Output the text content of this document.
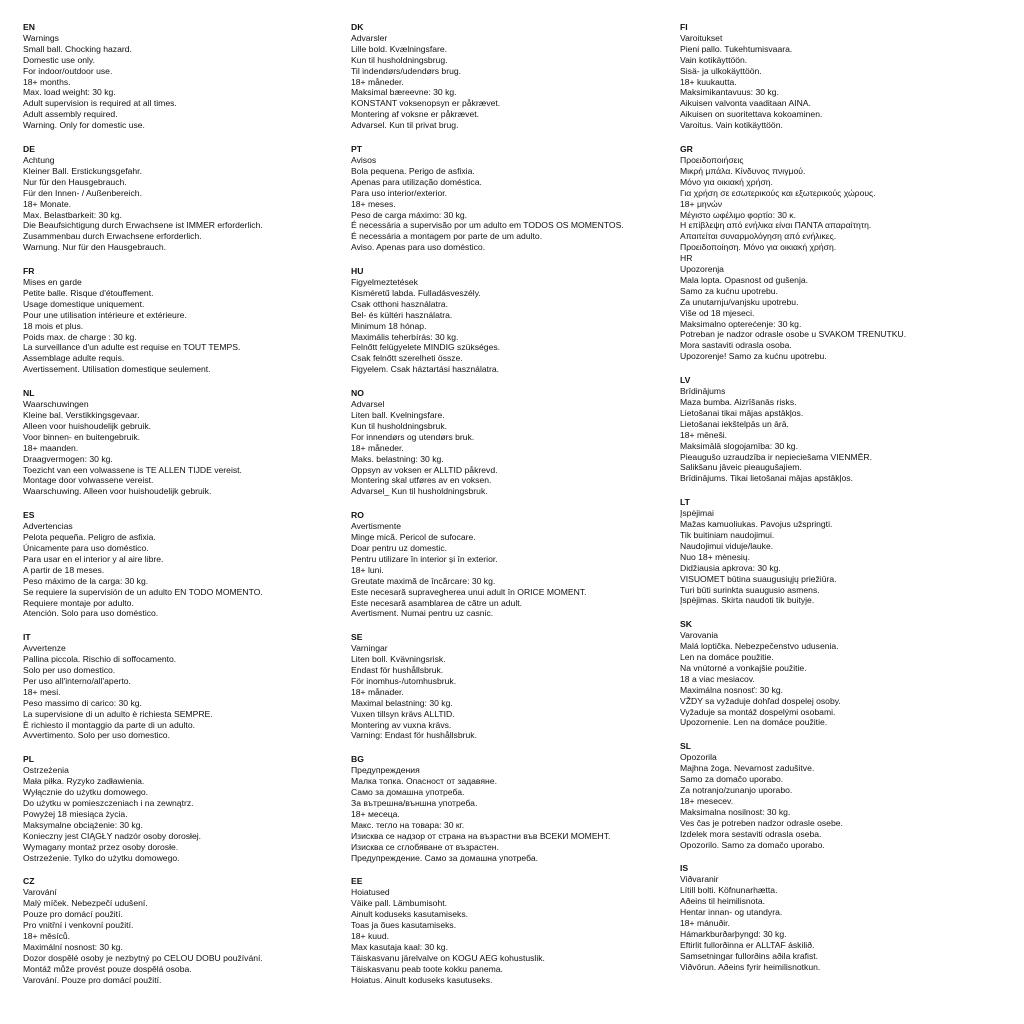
EN
Warnings
Small ball. Chocking hazard.
Domestic use only.
For indoor/outdoor use.
18+ months.
Max. load weight: 30 kg.
Adult supervision is required at all times.
Adult assembly required.
Warning. Only for domestic use.
DE
Achtung
Kleiner Ball. Erstickungsgefahr.
Nur für den Hausgebrauch.
Für den Innen- / Außenbereich.
18+ Monate.
Max. Belastbarkeit: 30 kg.
Die Beaufsichtigung durch Erwachsene ist IMMER erforderlich.
Zusammenbau durch Erwachsene erforderlich.
Warnung. Nur für den Hausgebrauch.
FR
Mises en garde
Petite balle. Risque d'étouffement.
Usage domestique uniquement.
Pour une utilisation intérieure et extérieure.
18 mois et plus.
Poids max. de charge : 30 kg.
La surveillance d'un adulte est requise en TOUT TEMPS.
Assemblage adulte requis.
Avertissement. Utilisation domestique seulement.
NL
Waarschuwingen
Kleine bal. Verstikkingsgevaar.
Alleen voor huishoudelijk gebruik.
Voor binnen- en buitengebruik.
18+ maanden.
Draagvermogen: 30 kg.
Toezicht van een volwassene is TE ALLEN TIJDE vereist.
Montage door volwassene vereist.
Waarschuwing. Alleen voor huishoudelijk gebruik.
ES
Advertencias
Pelota pequeña. Peligro de asfixia.
Únicamente para uso doméstico.
Para usar en el interior y al aire libre.
A partir de 18 meses.
Peso máximo de la carga: 30 kg.
Se requiere la supervisión de un adulto EN TODO MOMENTO.
Requiere montaje por adulto.
Atención. Solo para uso doméstico.
IT
Avvertenze
Pallina piccola. Rischio di soffocamento.
Solo per uso domestico.
Per uso all'interno/all'aperto.
18+ mesi.
Peso massimo di carico: 30 kg.
La supervisione di un adulto è richiesta SEMPRE.
È richiesto il montaggio da parte di un adulto.
Avvertimento. Solo per uso domestico.
PL
Ostrzeżenia
Mała piłka. Ryzyko zadławienia.
Wyłącznie do użytku domowego.
Do użytku w pomieszczeniach i na zewnątrz.
Powyżej 18 miesiąca życia.
Maksymalne obciążenie: 30 kg.
Konieczny jest CIĄGŁY nadzór osoby dorosłej.
Wymagany montaż przez osoby dorosłe.
Ostrzeżenie. Tylko do użytku domowego.
CZ
Varování
Malý míček. Nebezpečí udušení.
Pouze pro domácí použití.
Pro vnitřní i venkovní použití.
18+ měsíců.
Maximální nosnost: 30 kg.
Dozor dospělé osoby je nezbytný po CELOU DOBU používání.
Montáž může provést pouze dospělá osoba.
Varování. Pouze pro domácí použití.
DK
Advarsler
Lille bold. Kvælningsfare.
Kun til husholdningsbrug.
Til indendørs/udendørs brug.
18+ måneder.
Maksimal bæreevne: 30 kg.
KONSTANT voksenopsyn er påkrævet.
Montering af voksne er påkrævet.
Advarsel. Kun til privat brug.
PT
Avisos
Bola pequena. Perigo de asfixia.
Apenas para utilização doméstica.
Para uso interior/exterior.
18+ meses.
Peso de carga máximo: 30 kg.
É necessária a supervisão por um adulto em TODOS OS MOMENTOS.
É necessária a montagem por parte de um adulto.
Aviso. Apenas para uso doméstico.
HU
Figyelmeztetések
Kisméretű labda. Fulladásveszély.
Csak otthoni használatra.
Bel- és kültéri használatra.
Minimum 18 hónap.
Maximális teherbírás: 30 kg.
Felnőtt felügyelete MINDIG szükséges.
Csak felnőtt szerelheti össze.
Figyelem. Csak háztartási használatra.
NO
Advarsel
Liten ball. Kvelningsfare.
Kun til husholdningsbruk.
For innendørs og utendørs bruk.
18+ måneder.
Maks. belastning: 30 kg.
Oppsyn av voksen er ALLTID påkrevd.
Montering skal utføres av en voksen.
Advarsel_ Kun til husholdningsbruk.
RO
Avertismente
Minge mică. Pericol de sufocare.
Doar pentru uz domestic.
Pentru utilizare în interior și în exterior.
18+ luni.
Greutate maximă de încărcare: 30 kg.
Este necesară supravegherea unui adult în ORICE MOMENT.
Este necesară asamblarea de către un adult.
Avertisment. Numai pentru uz casnic.
SE
Varningar
Liten boll. Kvävningsrisk.
Endast för hushållsbruk.
För inomhus-/utomhusbruk.
18+ månader.
Maximal belastning: 30 kg.
Vuxen tillsyn krävs ALLTID.
Montering av vuxna krävs.
Varning: Endast för hushållsbruk.
BG
Предупреждения
Малка топка. Опасност от задавяне.
Само за домашна употреба.
За вътрешна/външна употреба.
18+ месеца.
Макс. тегло на товара: 30 кг.
Изисква се надзор от страна на възрастни във ВСЕКИ МОМЕНТ.
Изисква се сглобяване от възрастен.
Предупреждение. Само за домашна употреба.
EE
Hoiatused
Väike pall. Lämbumisoht.
Ainult koduseks kasutamiseks.
Toas ja õues kasutamiseks.
18+ kuud.
Max kasutaja kaal: 30 kg.
Täiskasvanu järelvalve on KOGU AEG kohustuslik.
Täiskasvanu peab toote kokku panema.
Hoiatus. Ainult koduseks kasutuseks.
FI
Varoitukset
Pieni pallo. Tukehtumisvaara.
Vain kotikäyttöön.
Sisä- ja ulkokäyttöön.
18+ kuukautta.
Maksimikantavuus: 30 kg.
Aikuisen valvonta vaaditaan AINA.
Aikuisen on suoritettava kokoaminen.
Varoitus. Vain kotikäyttöön.
GR
Προειδοποιήσεις
Μικρή μπάλα. Κίνδυνος πνιγμού.
Μόνο για οικιακή χρήση.
Για χρήση σε εσωτερικούς και εξωτερικούς χώρους.
18+ μηνών
Μέγιστο ωφέλιμο φορτίο: 30 κ.
Η επίβλεψη από ενήλικα είναι ΠΑΝΤΑ απαραίτητη.
Απαιτείται συναρμολόγηση από ενήλικες.
Προειδοποίηση. Μόνο για οικιακή χρήση.
HR
Upozorenja
Mala lopta. Opasnost od gušenja.
Samo za kućnu upotrebu.
Za unutarnju/vanjsku upotrebu.
Više od 18 mjeseci.
Maksimalno opterećenje: 30 kg.
Potreban je nadzor odrasle osobe u SVAKOM TRENUTKU.
Mora sastaviti odrasla osoba.
Upozorenje! Samo za kućnu upotrebu.
LV
Brīdinājums
Maza bumba. Aizrīšanās risks.
Lietošanai tikai mājas apstākļos.
Lietošanai iekštelpās un ārā.
18+ mēneši.
Maksimālā slogojamība: 30 kg.
Pieaugušo uzraudzība ir nepieciešama VIENMĒR.
Salikšanu jāveic pieaugušajiem.
Brīdinājums. Tikai lietošanai mājas apstākļos.
LT
Įspėjimai
Mažas kamuoliukas. Pavojus užspringti.
Tik buitiniam naudojimui.
Naudojimui viduje/lauke.
Nuo 18+ mėnesių.
Didžiausia apkrova: 30 kg.
VISUOMET būtina suaugusiųjų priežiūra.
Turi būti surinkta suaugusio asmens.
Įspėjimas. Skirta naudoti tik buityje.
SK
Varovania
Malá loptička. Nebezpečenstvo udusenia.
Len na domáce použitie.
Na vnútorné a vonkajšie použitie.
18 a viac mesiacov.
Maximálna nosnosť: 30 kg.
VŽDY sa vyžaduje dohľad dospelej osoby.
Vyžaduje sa montáž dospelými osobami.
Upozornenie. Len na domáce použitie.
SL
Opozorila
Majhna žoga. Nevarnost zadušitve.
Samo za domačo uporabo.
Za notranjo/zunanjo uporabo.
18+ mesecev.
Maksimalna nosilnost: 30 kg.
Ves čas je potreben nadzor odrasle osebe.
Izdelek mora sestaviti odrasla oseba.
Opozorilo. Samo za domačo uporabo.
IS
Viðvaranir
Lítill bolti. Köfnunarhætta.
Aðeins til heimilisnota.
Hentar innan- og utandyra.
18+ mánuðir.
Hámarkburðarþyngd: 30 kg.
Eftirlit fullorðinna er ALLTAF áskilið.
Samsetningar fullorðins aðila krafist.
Viðvörun. Aðeins fyrir heimilisnotkun.
